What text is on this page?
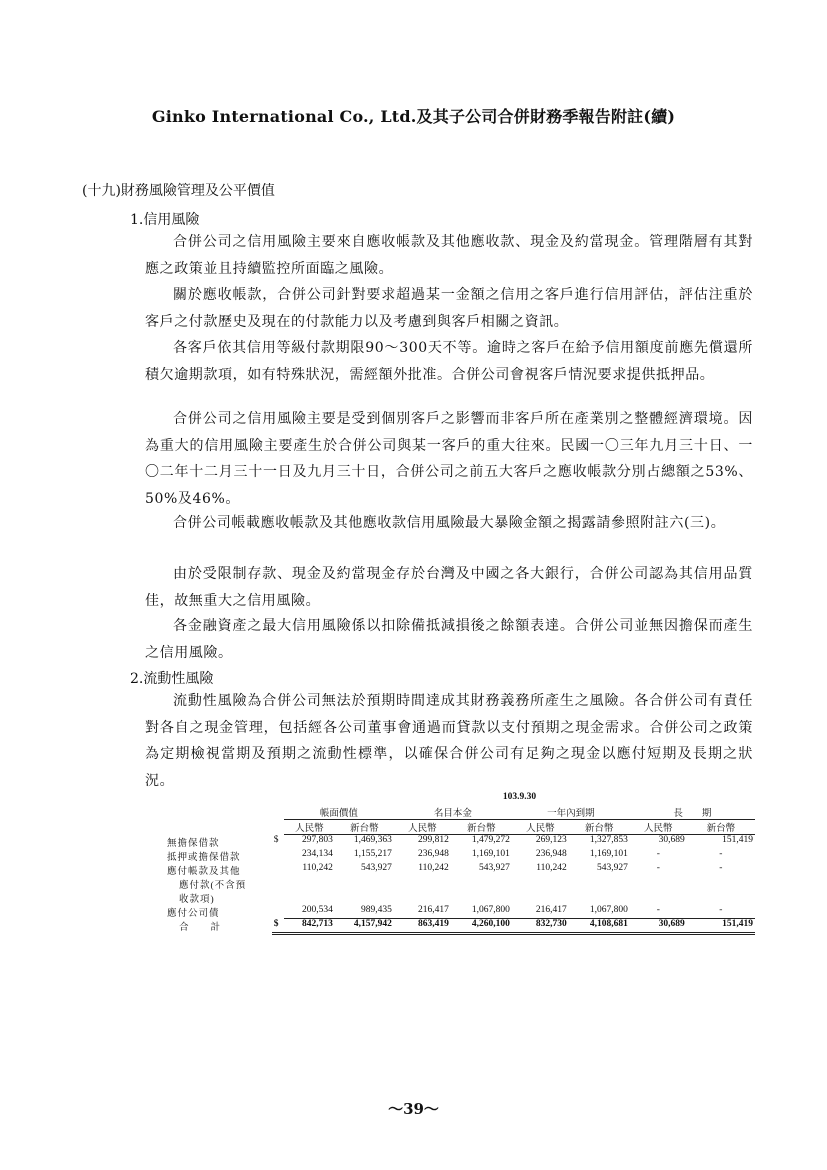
Ginko International Co., Ltd.及其子公司合併財務季報告附註(續)
(十九)財務風險管理及公平價值
1.信用風險

合併公司之信用風險主要來自應收帳款及其他應收款、現金及約當現金。管理階層有其對應之政策並且持續監控所面臨之風險。

關於應收帳款，合併公司針對要求超過某一金額之信用之客戶進行信用評估，評估注重於客戶之付款歷史及現在的付款能力以及考慮到與客戶相關之資訊。

各客戶依其信用等級付款期限90～300天不等。逾時之客戶在給予信用額度前應先償還所積欠逾期款項，如有特殊狀況，需經額外批准。合併公司會視客戶情況要求提供抵押品。

合併公司之信用風險主要是受到個別客戶之影響而非客戶所在產業別之整體經濟環境。因為重大的信用風險主要產生於合併公司與某一客戶的重大往來。民國一〇三年九月三十日、一〇二年十二月三十一日及九月三十日，合併公司之前五大客戶之應收帳款分別占總額之53%、50%及46%。

合併公司帳載應收帳款及其他應收款信用風險最大暴險金額之揭露請參照附註六(三)。

由於受限制存款、現金及約當現金存於台灣及中國之各大銀行，合併公司認為其信用品質佳，故無重大之信用風險。

各金融資產之最大信用風險係以扣除備抵減損後之餘額表達。合併公司並無因擔保而產生之信用風險。

2.流動性風險

流動性風險為合併公司無法於預期時間達成其財務義務所產生之風險。各合併公司有責任對各自之現金管理，包括經各公司董事會通過而貸款以支付預期之現金需求。合併公司之政策為定期檢視當期及預期之流動性標準，以確保合併公司有足夠之現金以應付短期及長期之狀況。

		103.9.30							
		帳面價值		名目本金		一年內到期		長　　期	
		人民幣	新台幣	人民幣	新台幣	人民幣	新台幣	人民幣	新台幣
無擔保借款	$	297,803	1,469,363	299,812	1,479,272	269,123	1,327,853	30,689	151,419
抵押或擔保借款		234,134	1,155,217	236,948	1,169,101	236,948	1,169,101	-	-

應付帳款及其他
應付款(不含預
收款項)		110,242	543,927	110,242	543,927	110,242	543,927	-	-
應付公司債		200,534	989,435	216,417	1,067,800	216,417	1,067,800	-	-
合　　計	$	842,713	4,157,942	863,419	4,260,100	832,730	4,108,681	30,689	151,419
～39～
